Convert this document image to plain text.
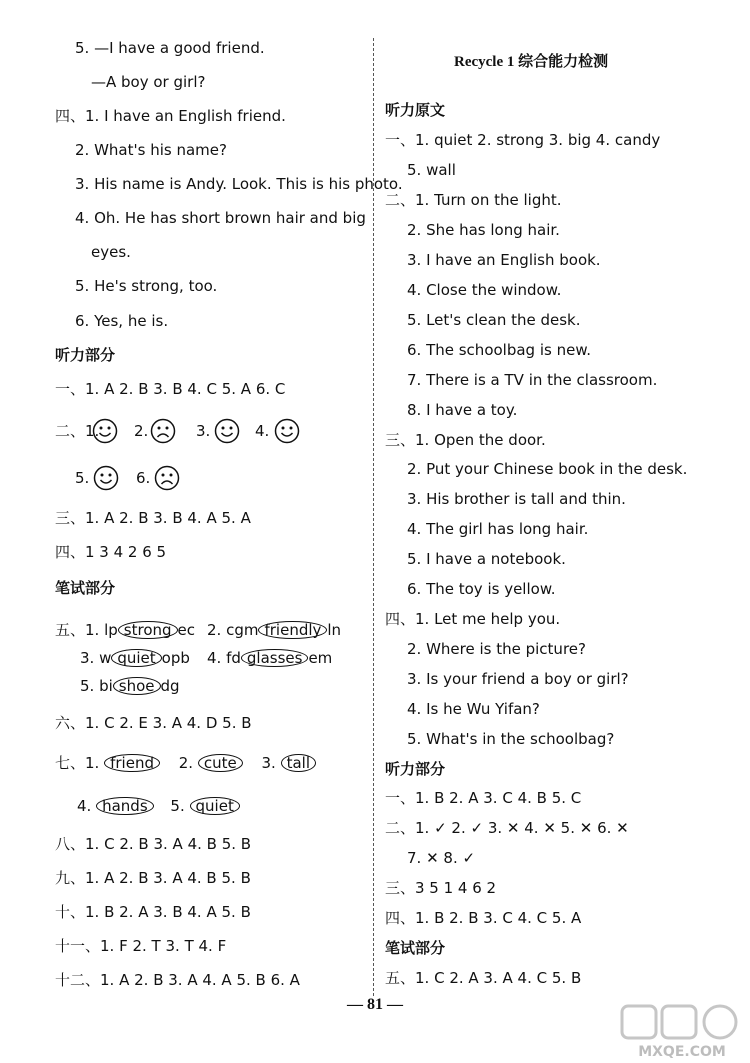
5. —I have a good friend.
—A boy or girl?
四、1. I have an English friend.
2. What's his name?
3. His name is Andy. Look. This is his photo.
4. Oh. He has short brown hair and big
eyes.
5. He's strong, too.
6. Yes, he is.
听力部分
一、1. A 2. B 3. B 4. C 5. A 6. C
二、1. 2.	3.	4.
5.	6.
三、1. A 2. B 3. B 4. A 5. A
四、1 3 4 2 6 5
笔试部分
五、1. lp strong ec 2. cgm friendly ln
3. w quiet opb 4. fd glasses em
5. bi shoe dg
六、1. C 2. E 3. A 4. D 5. B
七、1. friend 2. cute 3. tall
4. hands 5. quiet
八、1. C 2. B 3. A 4. B 5. B
九、1. A 2. B 3. A 4. B 5. B
十、1. B 2. A 3. B 4. A 5. B
十一、1. F 2. T 3. T 4. F
十二、1. A 2. B 3. A 4. A 5. B 6. A
Recycle 1 综合能力检测
听力原文
一、1. quiet 2. strong 3. big 4. candy
5. wall
二、1. Turn on the light.
2. She has long hair.
3. I have an English book.
4. Close the window.
5. Let's clean the desk.
6. The schoolbag is new.
7. There is a TV in the classroom.
8. I have a toy.
三、1. Open the door.
2. Put your Chinese book in the desk.
3. His brother is tall and thin.
4. The girl has long hair.
5. I have a notebook.
6. The toy is yellow.
四、1. Let me help you.
2. Where is the picture?
3. Is your friend a boy or girl?
4. Is he Wu Yifan?
5. What's in the schoolbag?
听力部分
一、1. B 2. A 3. C 4. B 5. C
二、1. ✓ 2. ✓ 3. ✕ 4. ✕ 5. ✕ 6. ✕
7. ✕ 8. ✓
三、3 5 1 4 6 2
四、1. B 2. B 3. C 4. C 5. A
笔试部分
五、1. C 2. A 3. A 4. C 5. B
— 81 —
MXQE.COM
